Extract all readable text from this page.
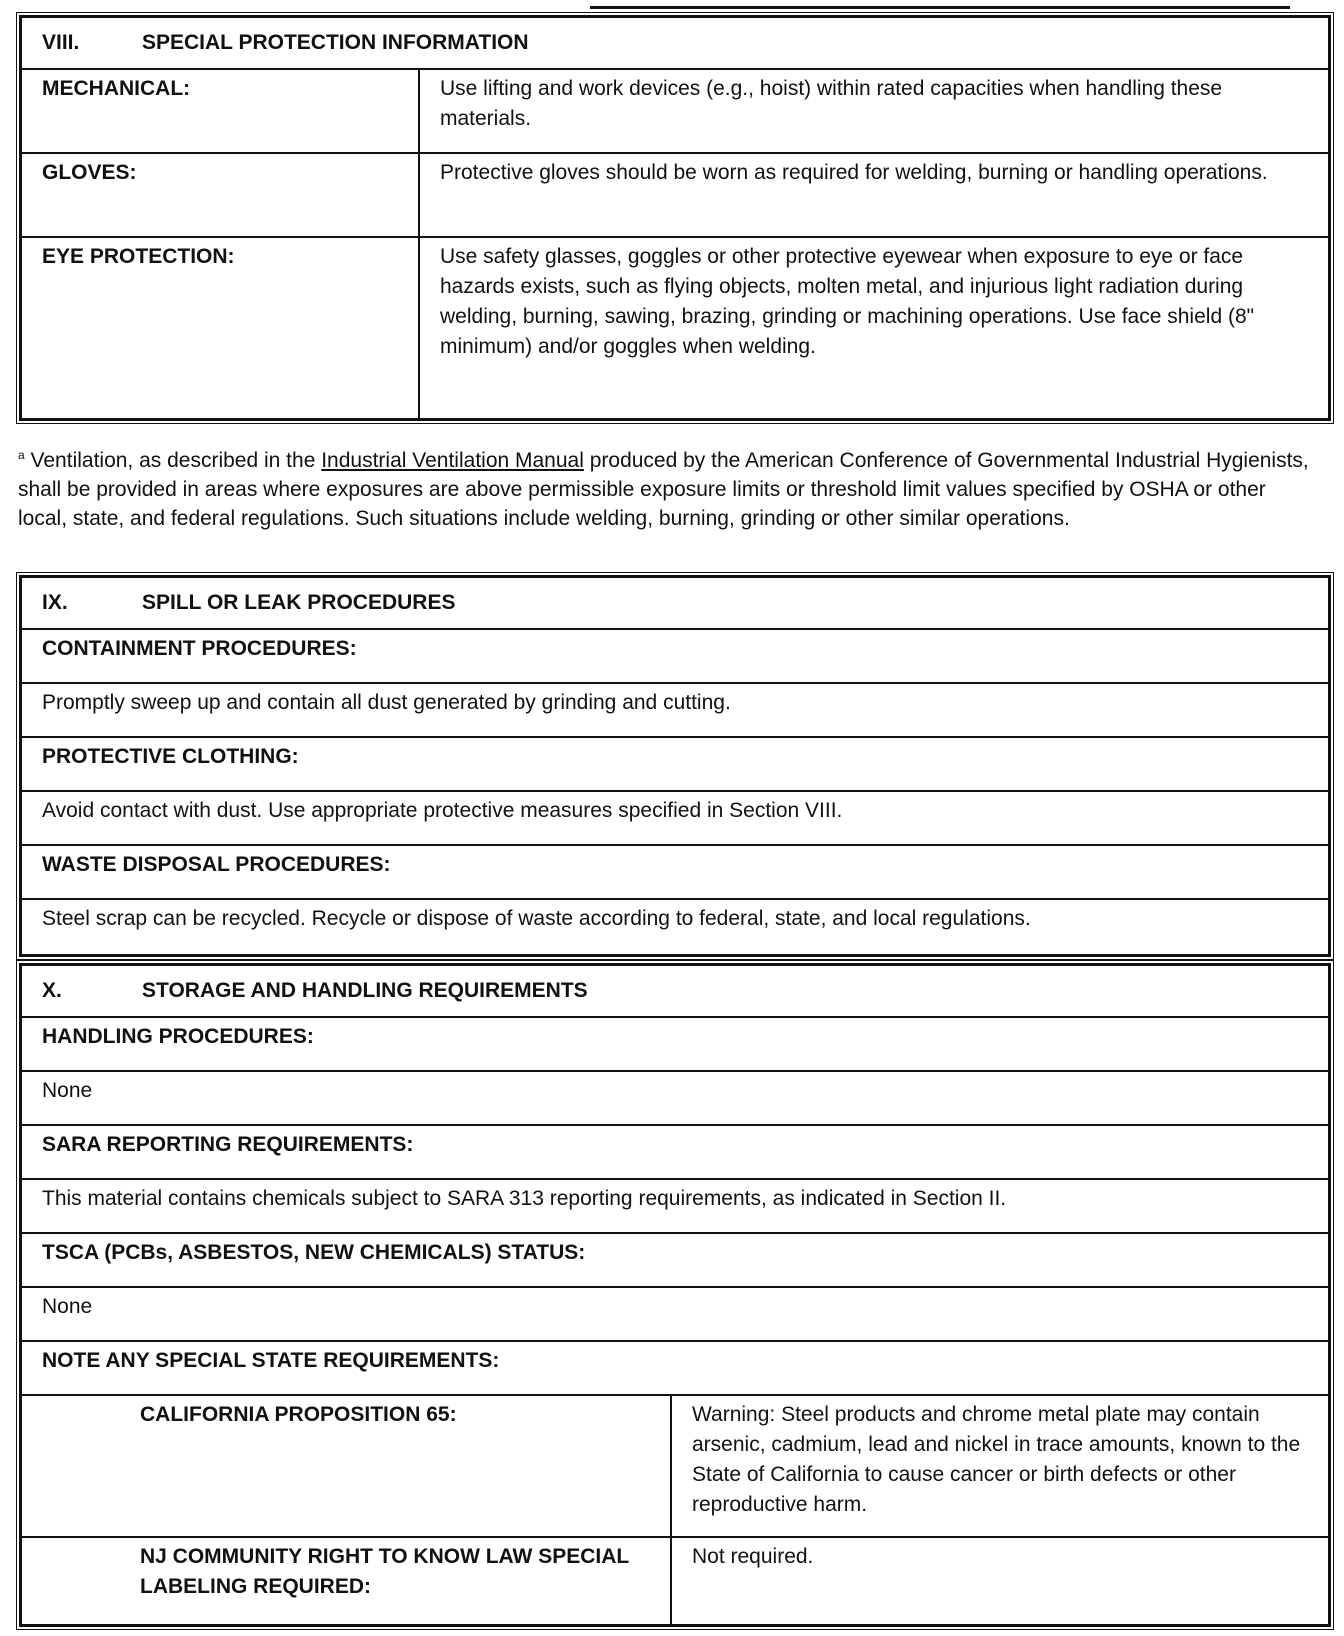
VIII. SPECIAL PROTECTION INFORMATION	
MECHANICAL:	Use lifting and work devices (e.g., hoist) within rated capacities when handling these materials.
GLOVES:	Protective gloves should be worn as required for welding, burning or handling operations.
EYE PROTECTION:	Use safety glasses, goggles or other protective eyewear when exposure to eye or face hazards exists, such as flying objects, molten metal, and injurious light radiation during welding, burning, sawing, brazing, grinding or machining operations. Use face shield (8" minimum) and/or goggles when welding.
$^a$ Ventilation, as described in the Industrial Ventilation Manual produced by the American Conference of Governmental Industrial Hygienists, shall be provided in areas where exposures are above permissible exposure limits or threshold limit values specified by OSHA or other local, state, and federal regulations. Such situations include welding, burning, grinding or other similar operations.
IX.	SPILL OR LEAK PROCEDURES
CONTAINMENT PROCEDURES:
Promptly sweep up and contain all dust generated by grinding and cutting.
PROTECTIVE CLOTHING:
Avoid contact with dust. Use appropriate protective measures specified in Section VIII.
WASTE DISPOSAL PROCEDURES:
Steel scrap can be recycled. Recycle or dispose of waste according to federal, state, and local regulations.
X. STORAGE AND HANDLING REQUIREMENTS	
HANDLING PROCEDURES:	
None	
SARA REPORTING REQUIREMENTS:	
This material contains chemicals subject to SARA 313 reporting requirements, as indicated in Section II.	
TSCA (PCBs, ASBESTOS, NEW CHEMICALS) STATUS:	
None	
NOTE ANY SPECIAL STATE REQUIREMENTS:	
CALIFORNIA PROPOSITION 65:	Warning: Steel products and chrome metal plate may contain arsenic, cadmium, lead and nickel in trace amounts, known to the State of California to cause cancer or birth defects or other reproductive harm.
NJ COMMUNITY RIGHT TO KNOW LAW SPECIAL LABELING REQUIRED:	Not required.
